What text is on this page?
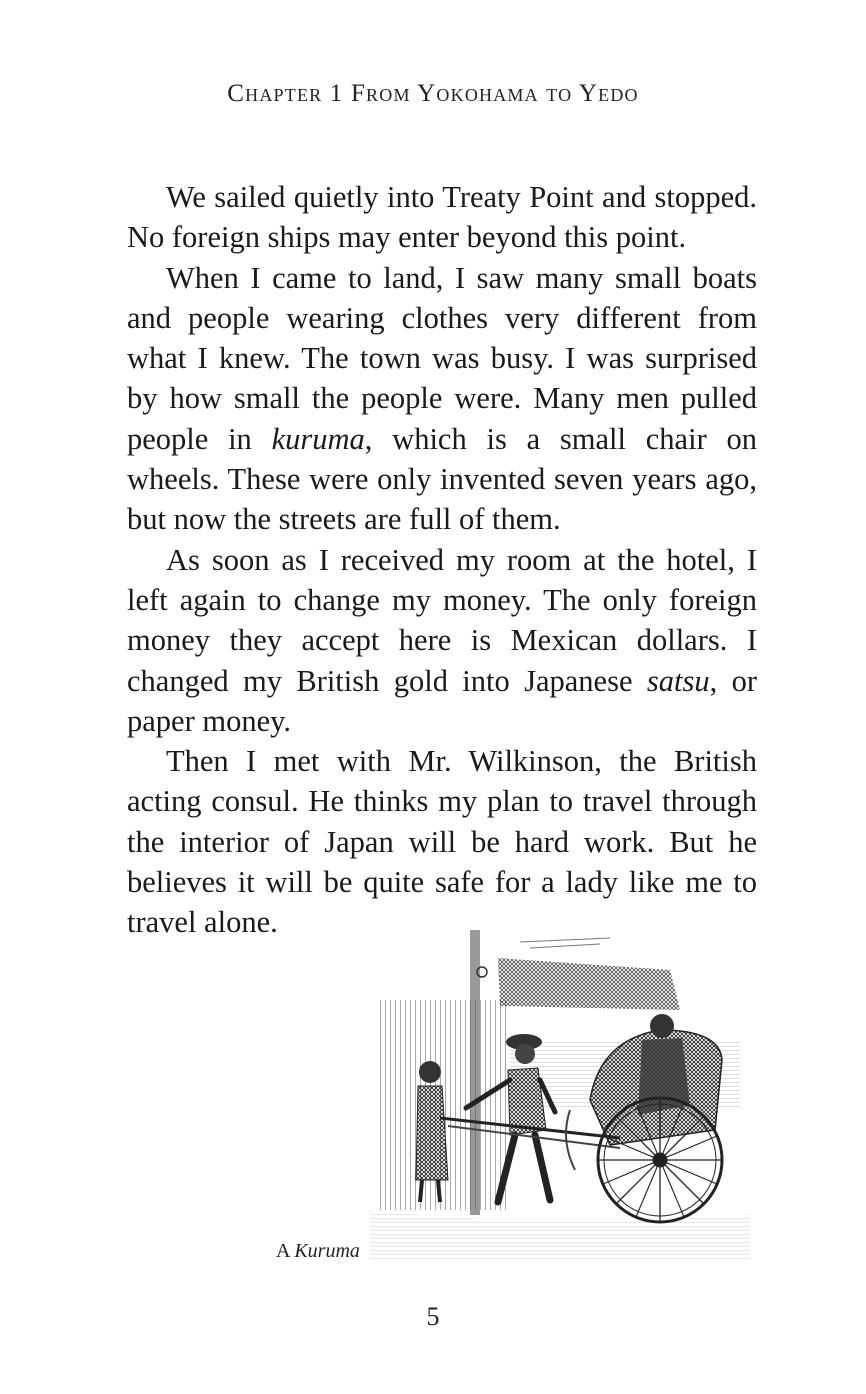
Chapter 1 From Yokohama to Yedo

We sailed quietly into Treaty Point and stopped. No foreign ships may enter beyond this point.

When I came to land, I saw many small boats and people wearing clothes very different from what I knew. The town was busy. I was surprised by how small the people were. Many men pulled people in kuruma, which is a small chair on wheels. These were only invented seven years ago, but now the streets are full of them.

As soon as I received my room at the hotel, I left again to change my money. The only foreign money they accept here is Mexican dollars. I changed my British gold into Japanese satsu, or paper money.

Then I met with Mr. Wilkinson, the British acting consul. He thinks my plan to travel through the interior of Japan will be hard work. But he believes it will be quite safe for a lady like me to travel alone.

A Kuruma
5
